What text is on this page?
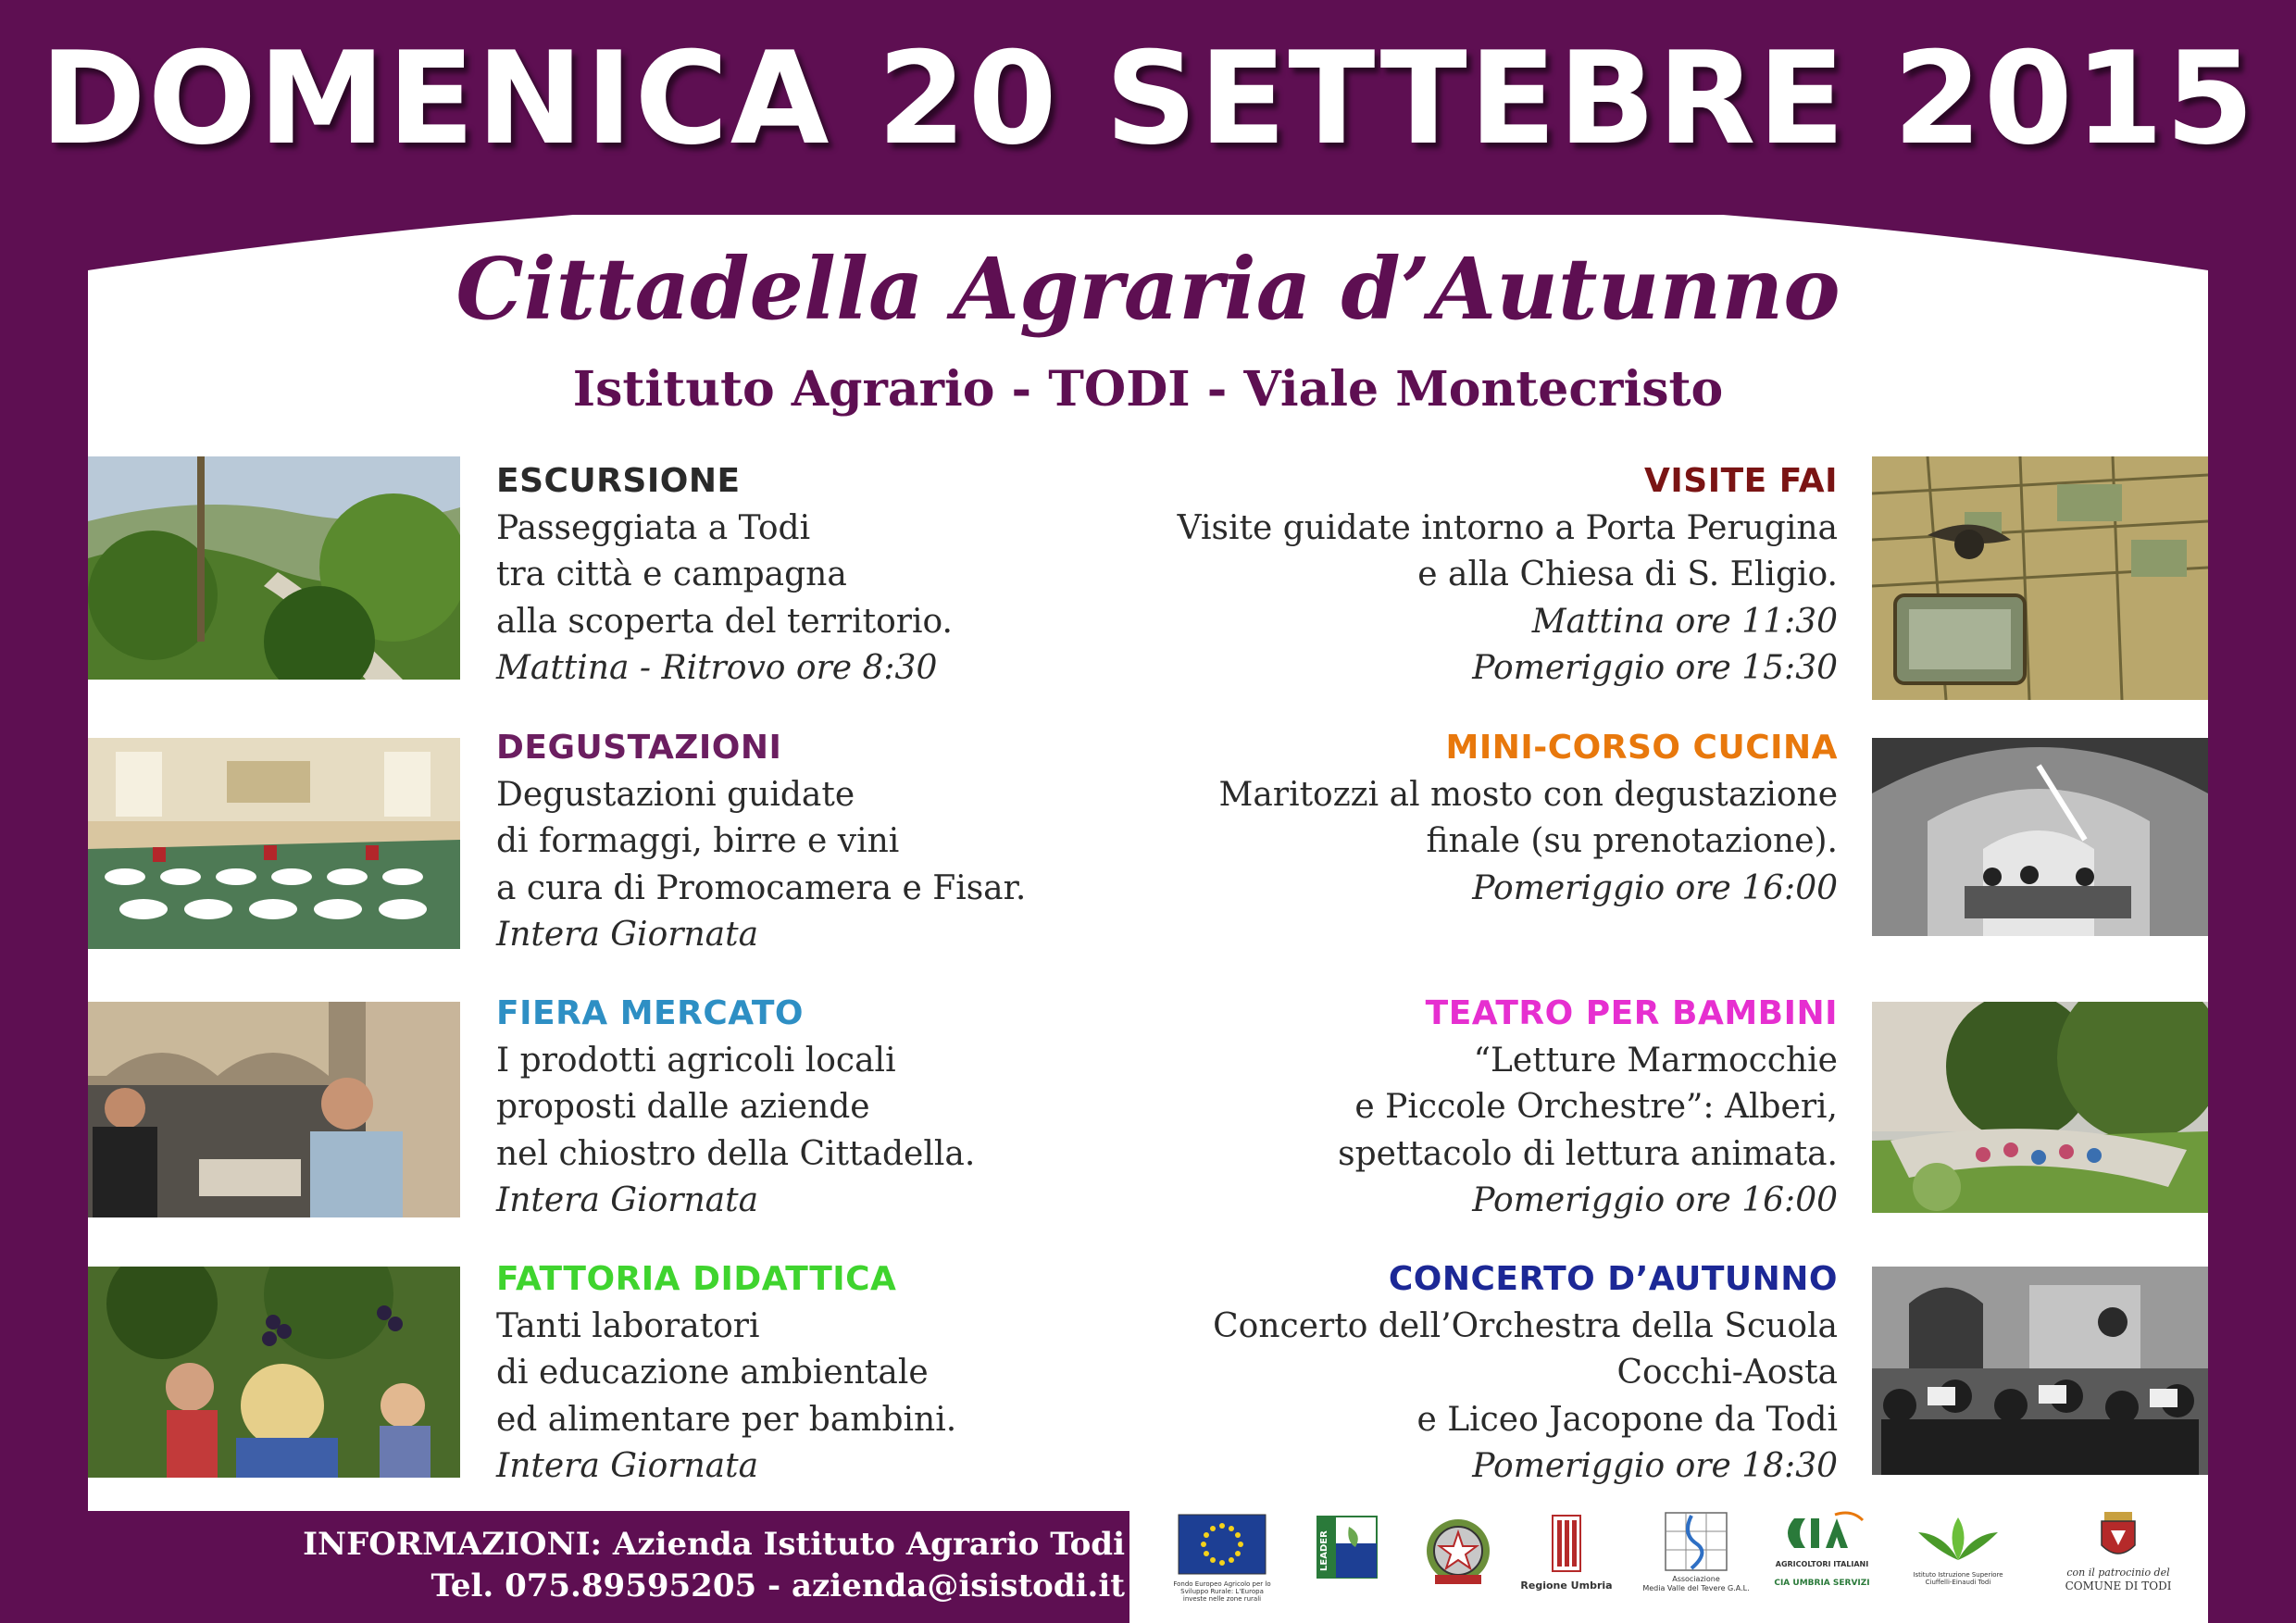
DOMENICA 20 SETTEBRE 2015
Cittadella Agraria d’Autunno
Istituto Agrario - TODI - Viale Montecristo
ESCURSIONE
Passeggiata a Todi
tra città e campagna
alla scoperta del territorio.
Mattina - Ritrovo ore 8:30
DEGUSTAZIONI
Degustazioni guidate
di formaggi, birre e vini
a cura di Promocamera e Fisar.
Intera Giornata
FIERA MERCATO
I prodotti agricoli locali
proposti dalle aziende
nel chiostro della Cittadella.
Intera Giornata
FATTORIA DIDATTICA
Tanti laboratori
di educazione ambientale
ed alimentare per bambini.
Intera Giornata
VISITE FAI
Visite guidate intorno a Porta Perugina
e alla Chiesa di S. Eligio.
Mattina ore 11:30
Pomeriggio ore 15:30
MINI-CORSO CUCINA
Maritozzi al mosto con degustazione
finale (su prenotazione).
Pomeriggio ore 16:00
TEATRO PER BAMBINI
“Letture Marmocchie
e Piccole Orchestre”: Alberi,
spettacolo di lettura animata.
Pomeriggio ore 16:00
CONCERTO D’AUTUNNO
Concerto dell’Orchestra della Scuola
Cocchi-Aosta
e Liceo Jacopone da Todi
Pomeriggio ore 18:30
INFORMAZIONI: Azienda Istituto Agrario Todi
Tel. 075.89595205 - azienda@isistodi.it	Fondo Europeo Agricolo per lo Sviluppo Rurale: L'Europa investe nelle zone rurali
LEADER
Regione Umbria
Associazione
Media Valle del Tevere G.A.L.
AGRICOLTORI ITALIANI
CIA UMBRIA SERVIZI
Istituto Istruzione Superiore Ciuffelli-Einaudi Todi
con il patrocinio del
COMUNE DI TODI
